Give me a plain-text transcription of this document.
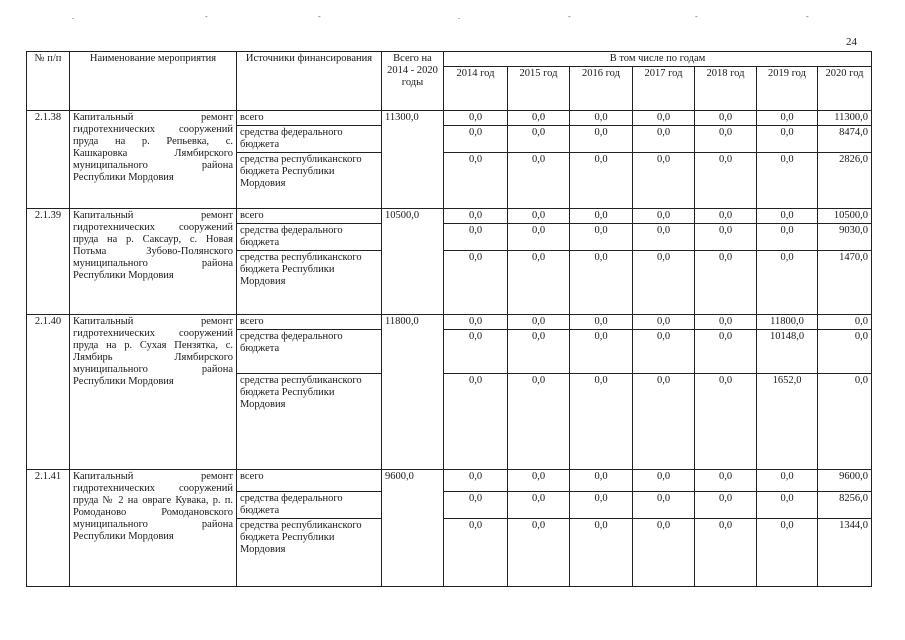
.	-	-	.	-	-	-
24
№ п/п	Наименование мероприятия	Источники финансирования	Всего на 2014 - 2020 годы	В том числе по годам						
				2014 год	2015 год	2016 год	2017 год	2018 год	2019 год	2020 год
2.1.38	Капитальный ремонт гидротехнических сооружений пруда на р. Репьевка, с. Кашкаровка Лямбирского муниципального района Республики Мордовия	всего	11300,0	0,0	0,0	0,0	0,0	0,0	0,0	11300,0
		средства федерального бюджета		0,0	0,0	0,0	0,0	0,0	0,0	8474,0
		средства республиканского бюджета Республики Мордовия		0,0	0,0	0,0	0,0	0,0	0,0	2826,0
2.1.39	Капитальный ремонт гидротехнических сооружений пруда на р. Саксаур, с. Новая Потьма Зубово-Полянского муниципального района Республики Мордовия	всего	10500,0	0,0	0,0	0,0	0,0	0,0	0,0	10500,0
		средства федерального бюджета		0,0	0,0	0,0	0,0	0,0	0,0	9030,0
		средства республиканского бюджета Республики Мордовия		0,0	0,0	0,0	0,0	0,0	0,0	1470,0
2.1.40	Капитальный ремонт гидротехнических сооружений пруда на р. Сухая Пензятка, с. Лямбирь Лямбирского муниципального района Республики Мордовия	всего	11800,0	0,0	0,0	0,0	0,0	0,0	11800,0	0,0
		средства федерального бюджета		0,0	0,0	0,0	0,0	0,0	10148,0	0,0
		средства республиканского бюджета Республики Мордовия		0,0	0,0	0,0	0,0	0,0	1652,0	0,0
2.1.41	Капитальный ремонт гидротехнических сооружений пруда № 2 на овраге Кувака, р. п. Ромоданово Ромодановского муниципального района Республики Мордовия	всего	9600,0	0,0	0,0	0,0	0,0	0,0	0,0	9600,0
		средства федерального бюджета		0,0	0,0	0,0	0,0	0,0	0,0	8256,0
		средства республиканского бюджета Республики Мордовия		0,0	0,0	0,0	0,0	0,0	0,0	1344,0
